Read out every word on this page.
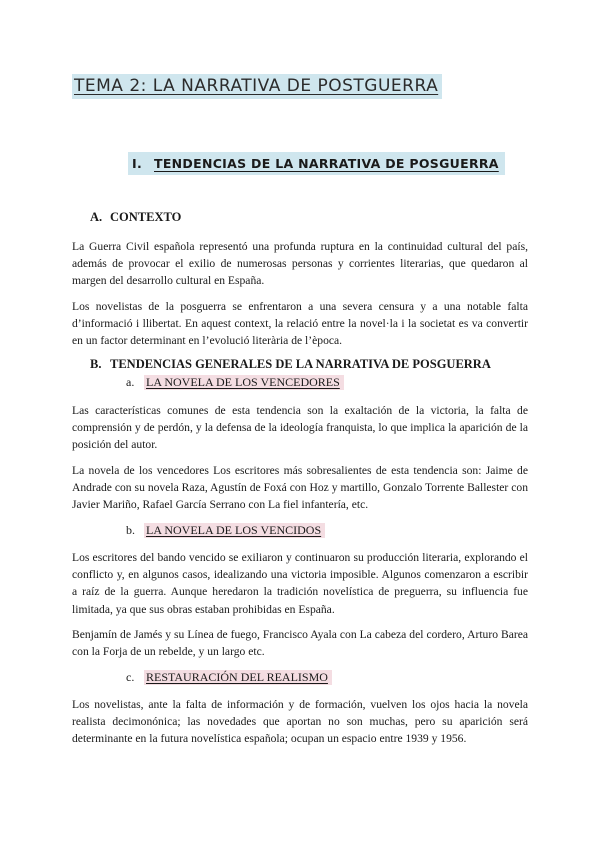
TEMA 2: LA NARRATIVA DE POSTGUERRA
I. TENDENCIAS DE LA NARRATIVA DE POSGUERRA
A. CONTEXTO

La Guerra Civil española representó una profunda ruptura en la continuidad cultural del país, además de provocar el exilio de numerosas personas y corrientes literarias, que quedaron al margen del desarrollo cultural en España.

Los novelistas de la posguerra se enfrentaron a una severa censura y a una notable falta d’informació i llibertat. En aquest context, la relació entre la novel·la i la societat es va convertir en un factor determinant en l’evolució literària de l’època.

B. TENDENCIAS GENERALES DE LA NARRATIVA DE POSGUERRA
a. LA NOVELA DE LOS VENCEDORES

Las características comunes de esta tendencia son la exaltación de la victoria, la falta de comprensión y de perdón, y la defensa de la ideología franquista, lo que implica la aparición de la posición del autor.

La novela de los vencedores Los escritores más sobresalientes de esta tendencia son: Jaime de Andrade con su novela Raza, Agustín de Foxá con Hoz y martillo, Gonzalo Torrente Ballester con Javier Mariño, Rafael García Serrano con La fiel infantería, etc.

b. LA NOVELA DE LOS VENCIDOS

Los escritores del bando vencido se exiliaron y continuaron su producción literaria, explorando el conflicto y, en algunos casos, idealizando una victoria imposible. Algunos comenzaron a escribir a raíz de la guerra. Aunque heredaron la tradición novelística de preguerra, su influencia fue limitada, ya que sus obras estaban prohibidas en España.

Benjamín de Jamés y su Línea de fuego, Francisco Ayala con La cabeza del cordero, Arturo Barea con la Forja de un rebelde, y un largo etc.

c. RESTAURACIÓN DEL REALISMO

Los novelistas, ante la falta de información y de formación, vuelven los ojos hacia la novela realista decimonónica; las novedades que aportan no son muchas, pero su aparición será determinante en la futura novelística española; ocupan un espacio entre 1939 y 1956.
